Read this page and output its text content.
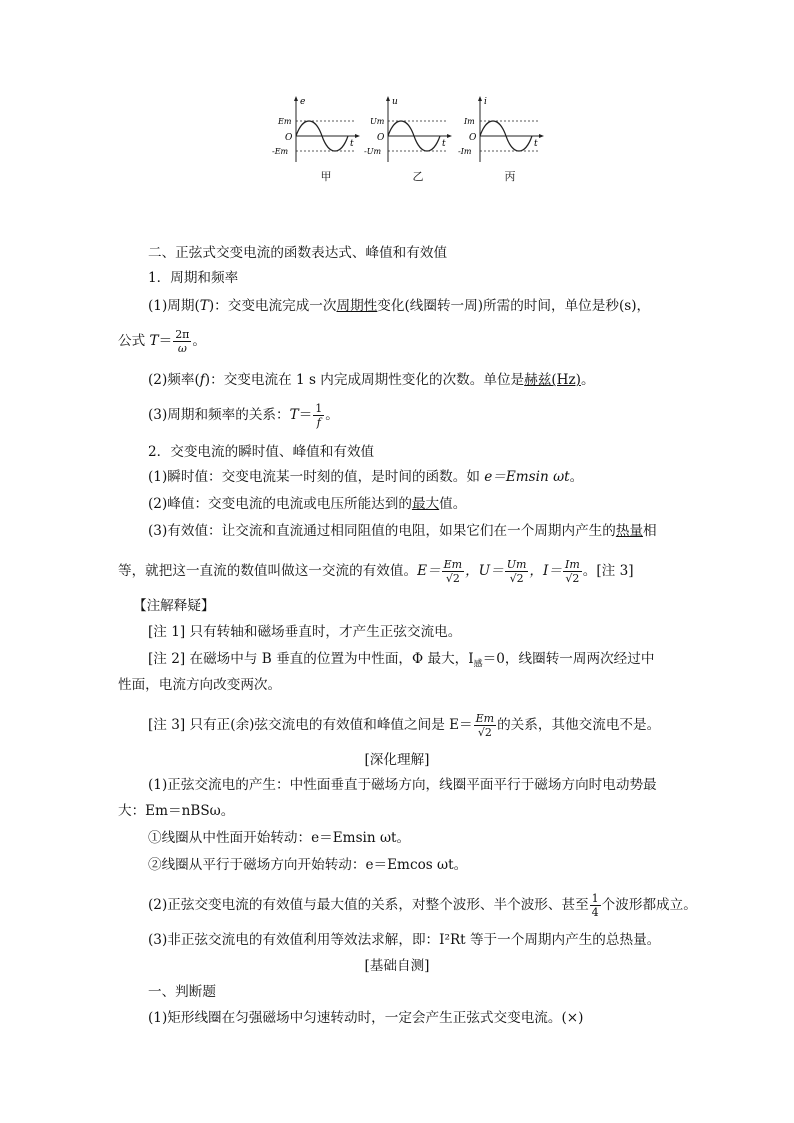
e
t
O
Em
-Em
u
t
O
Um
-Um
i
t
O
Im
-Im
甲	乙	丙
二、正弦式交变电流的函数表达式、峰值和有效值
1．周期和频率
(1)周期(T)：交变电流完成一次周期性变化(线圈转一周)所需的时间，单位是秒(s)，
公式 $T= \frac{2\pi}{\omega}$ 。
(2)频率(f)：交变电流在 1 s 内完成周期性变化的次数。单位是赫兹(Hz)。
(3)周期和频率的关系：$T= \frac{1}{f}$ 。
2．交变电流的瞬时值、峰值和有效值
(1)瞬时值：交变电流某一时刻的值，是时间的函数。如 e＝Emsin ωt。
(2)峰值：交变电流的电流或电压所能达到的最大值。
(3)有效值：让交流和直流通过相同阻值的电阻，如果它们在一个周期内产生的热量相
等，就把这一直流的数值叫做这一交流的有效值。$E= \frac{Em}{√2}$ ，$U= \frac{Um}{√2}$ ，$I= \frac{Im}{√2}$ 。[注 3]
【注解释疑】
[注 1] 只有转轴和磁场垂直时，才产生正弦交流电。
[注 2] 在磁场中与 B 垂直的位置为中性面，Φ 最大，$I_感=0$，线圈转一周两次经过中
性面，电流方向改变两次。
[注 3] 只有正(余)弦交流电的有效值和峰值之间是 $E= \frac{Em}{√2}$ 的关系，其他交流电不是。
[深化理解]
(1)正弦交流电的产生：中性面垂直于磁场方向，线圈平面平行于磁场方向时电动势最
大：Em＝nBSω。
①线圈从中性面开始转动：e＝Emsin ωt。
②线圈从平行于磁场方向开始转动：e＝Emcos ωt。
(2)正弦交变电流的有效值与最大值的关系，对整个波形、半个波形、甚至 $\frac{1}{4}$ 个波形都成立。
(3)非正弦交流电的有效值利用等效法求解，即：I²Rt 等于一个周期内产生的总热量。
[基础自测]
一、判断题
(1)矩形线圈在匀强磁场中匀速转动时，一定会产生正弦式交变电流。(×)
